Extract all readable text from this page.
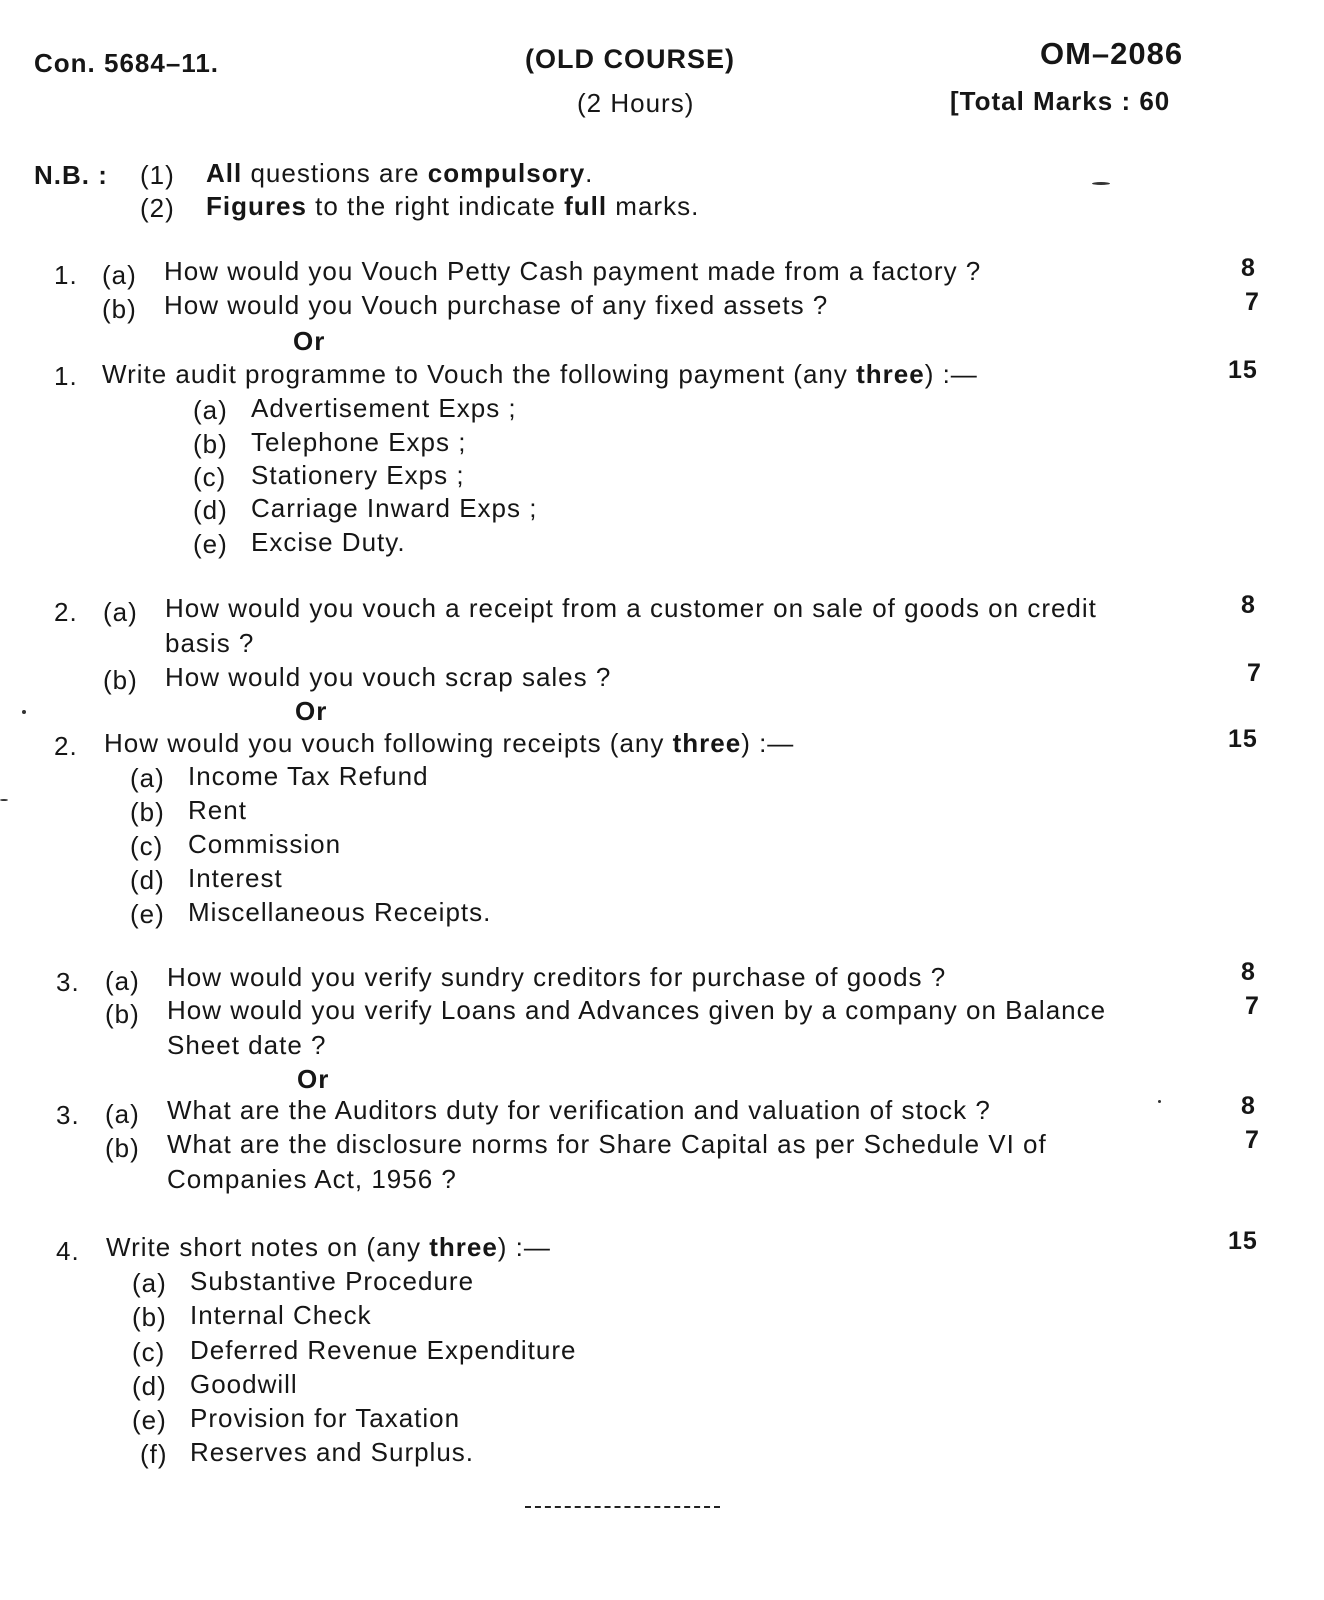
Con. 5684–11.	(OLD COURSE)
(2 Hours)
OM–2086
[Total Marks : 60
N.B. : (1) All questions are compulsory.
(2) Figures to the right indicate full marks.
1. (a) How would you Vouch Petty Cash payment made from a factory ?	8
(b) How would you Vouch purchase of any fixed assets ?	7
Or
1. Write audit programme to Vouch the following payment (any three) :—	15
(a) Advertisement Exps ;
(b) Telephone Exps ;
(c) Stationery Exps ;
(d) Carriage Inward Exps ;
(e) Excise Duty.
2. (a) How would you vouch a receipt from a customer on sale of goods on credit
basis ?
8
(b) How would you vouch scrap sales ?	7
Or
2. How would you vouch following receipts (any three) :—	15
(a) Income Tax Refund
(b) Rent
(c) Commission
(d) Interest
(e) Miscellaneous Receipts.
3. (a) How would you verify sundry creditors for purchase of goods ?	8
(b) How would you verify Loans and Advances given by a company on Balance
Sheet date ?
7
Or
3. (a) What are the Auditors duty for verification and valuation of stock ?	8
(b) What are the disclosure norms for Share Capital as per Schedule VI of
Companies Act, 1956 ?
7
4. Write short notes on (any three) :—	15
(a) Substantive Procedure
(b) Internal Check
(c) Deferred Revenue Expenditure
(d) Goodwill
(e) Provision for Taxation
(f) Reserves and Surplus.
